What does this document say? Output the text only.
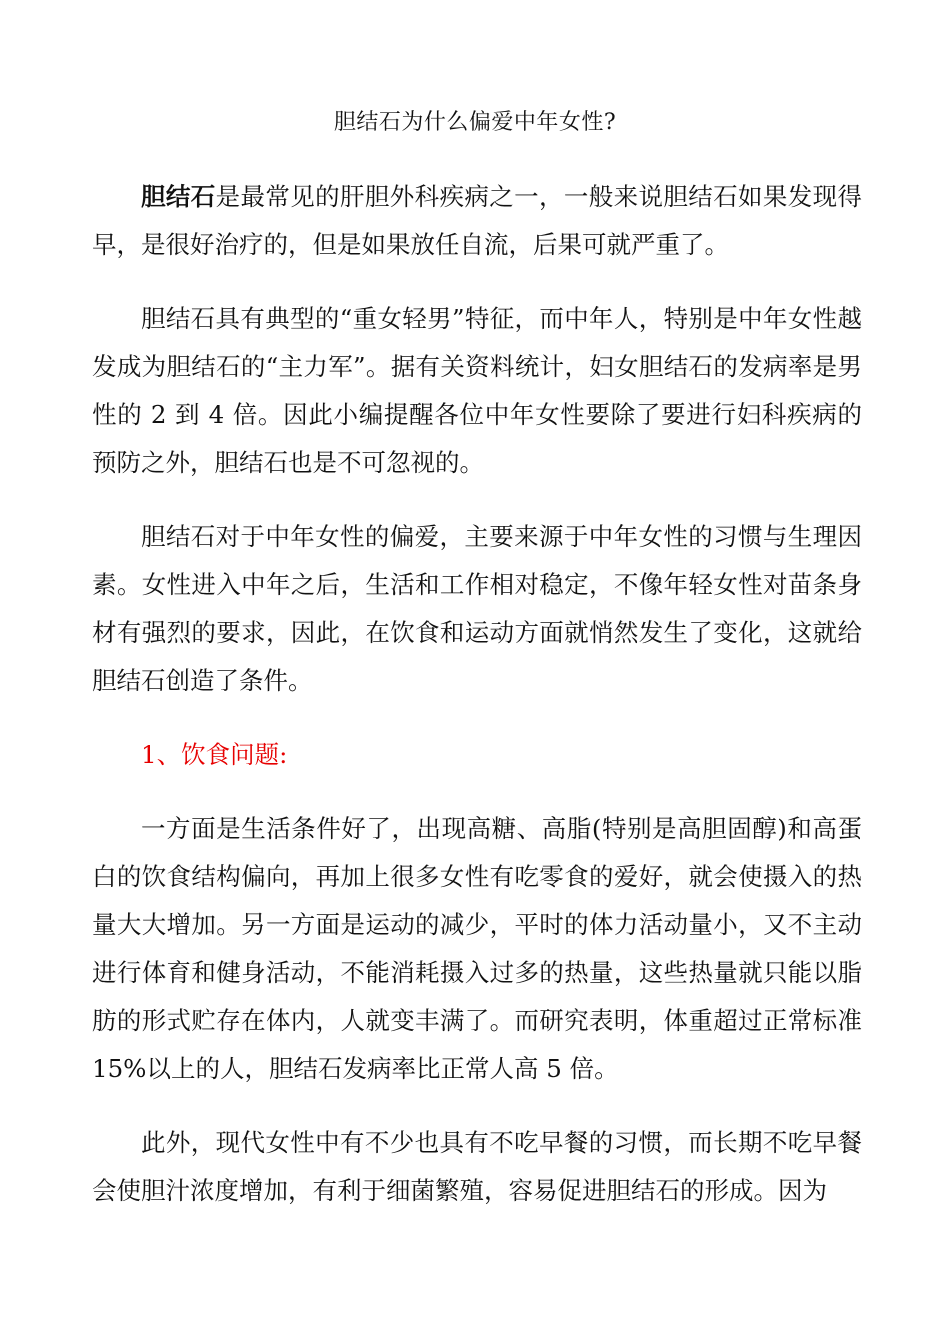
胆结石为什么偏爱中年女性?

胆结石是最常见的肝胆外科疾病之一，一般来说胆结石如果发现得早，是很好治疗的，但是如果放任自流，后果可就严重了。

胆结石具有典型的“重女轻男”特征，而中年人，特别是中年女性越发成为胆结石的“主力军”。据有关资料统计，妇女胆结石的发病率是男性的 2 到 4 倍。因此小编提醒各位中年女性要除了要进行妇科疾病的预防之外，胆结石也是不可忽视的。

胆结石对于中年女性的偏爱，主要来源于中年女性的习惯与生理因素。女性进入中年之后，生活和工作相对稳定，不像年轻女性对苗条身材有强烈的要求，因此，在饮食和运动方面就悄然发生了变化，这就给胆结石创造了条件。

1、饮食问题:

一方面是生活条件好了，出现高糖、高脂(特别是高胆固醇)和高蛋白的饮食结构偏向，再加上很多女性有吃零食的爱好，就会使摄入的热量大大增加。另一方面是运动的减少，平时的体力活动量小，又不主动进行体育和健身活动，不能消耗摄入过多的热量，这些热量就只能以脂肪的形式贮存在体内，人就变丰满了。而研究表明，体重超过正常标准 15%以上的人，胆结石发病率比正常人高 5 倍。

此外，现代女性中有不少也具有不吃早餐的习惯，而长期不吃早餐会使胆汁浓度增加，有利于细菌繁殖，容易促进胆结石的形成。因为
